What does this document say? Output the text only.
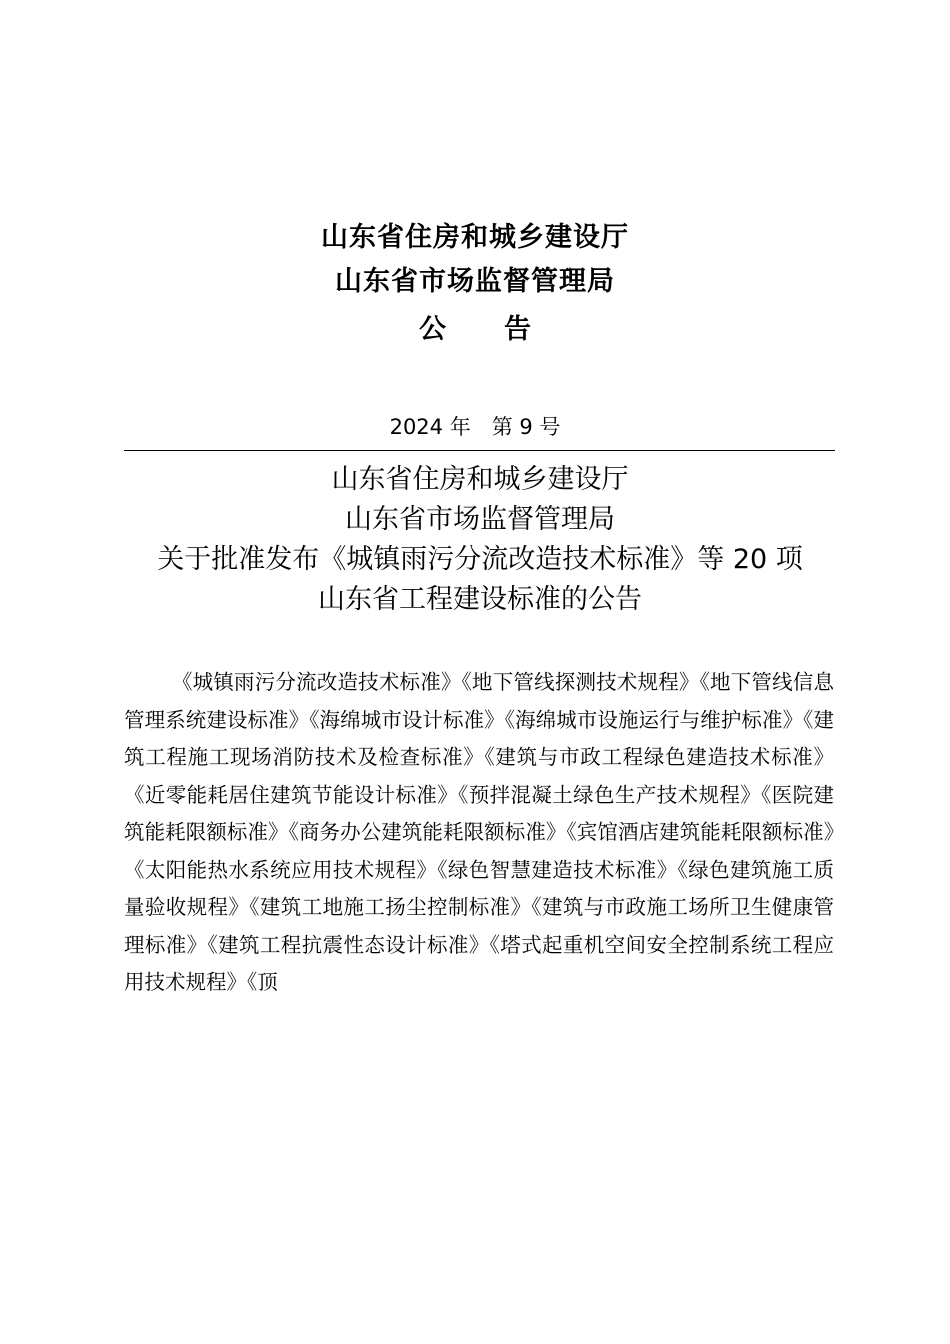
山东省住房和城乡建设厅
山东省市场监督管理局
公 告
2024 年　第 9 号
山东省住房和城乡建设厅
山东省市场监督管理局
关于批准发布《城镇雨污分流改造技术标准》等 20 项
山东省工程建设标准的公告
《城镇雨污分流改造技术标准》《地下管线探测技术规程》《地下管线信息管理系统建设标准》《海绵城市设计标准》《海绵城市设施运行与维护标准》《建筑工程施工现场消防技术及检查标准》《建筑与市政工程绿色建造技术标准》《近零能耗居住建筑节能设计标准》《预拌混凝土绿色生产技术规程》《医院建筑能耗限额标准》《商务办公建筑能耗限额标准》《宾馆酒店建筑能耗限额标准》《太阳能热水系统应用技术规程》《绿色智慧建造技术标准》《绿色建筑施工质量验收规程》《建筑工地施工扬尘控制标准》《建筑与市政施工场所卫生健康管理标准》《建筑工程抗震性态设计标准》《塔式起重机空间安全控制系统工程应用技术规程》《顶
